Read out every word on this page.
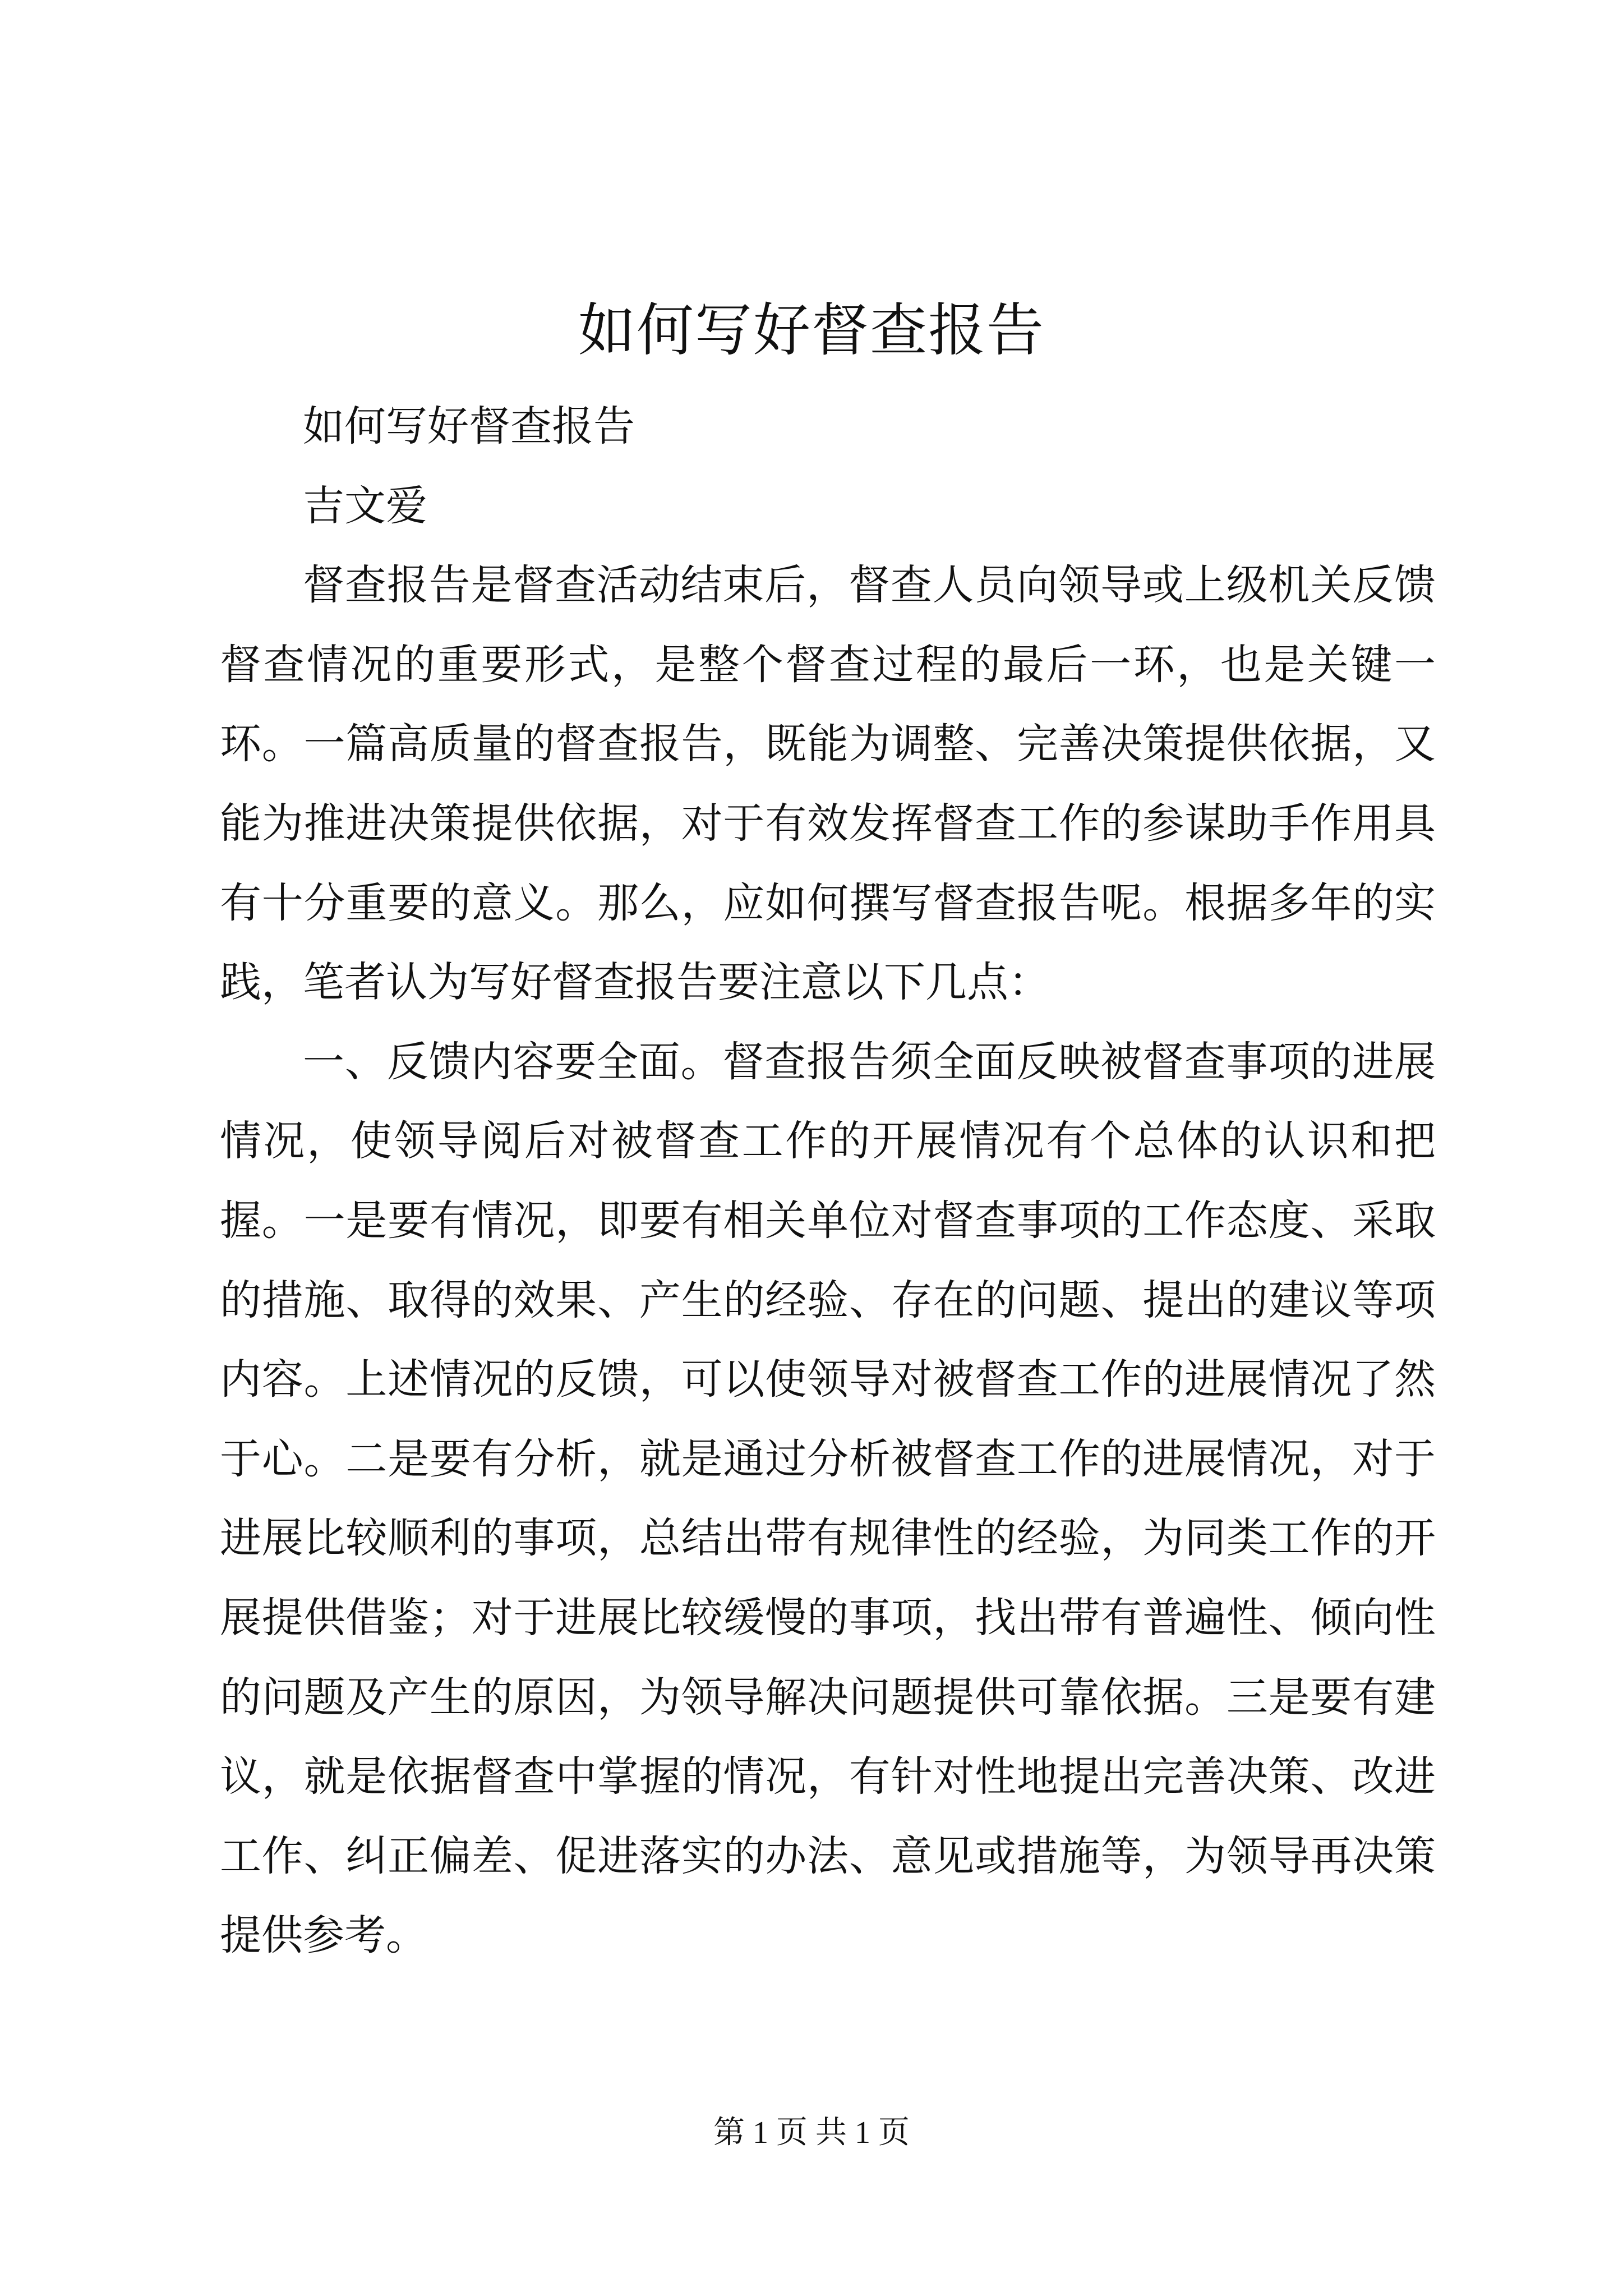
如何写好督查报告

如何写好督查报告

吉文爱

督查报告是督查活动结束后，督查人员向领导或上级机关反馈督查情况的重要形式，是整个督查过程的最后一环，也是关键一环。一篇高质量的督查报告，既能为调整、完善决策提供依据，又能为推进决策提供依据，对于有效发挥督查工作的参谋助手作用具有十分重要的意义。那么，应如何撰写督查报告呢。根据多年的实践，笔者认为写好督查报告要注意以下几点：

一、反馈内容要全面。督查报告须全面反映被督查事项的进展情况，使领导阅后对被督查工作的开展情况有个总体的认识和把握。一是要有情况，即要有相关单位对督查事项的工作态度、采取的措施、取得的效果、产生的经验、存在的问题、提出的建议等项内容。上述情况的反馈，可以使领导对被督查工作的进展情况了然于心。二是要有分析，就是通过分析被督查工作的进展情况，对于进展比较顺利的事项，总结出带有规律性的经验，为同类工作的开展提供借鉴；对于进展比较缓慢的事项，找出带有普遍性、倾向性的问题及产生的原因，为领导解决问题提供可靠依据。三是要有建议，就是依据督查中掌握的情况，有针对性地提出完善决策、改进工作、纠正偏差、促进落实的办法、意见或措施等，为领导再决策提供参考。

第 1 页 共 1 页
